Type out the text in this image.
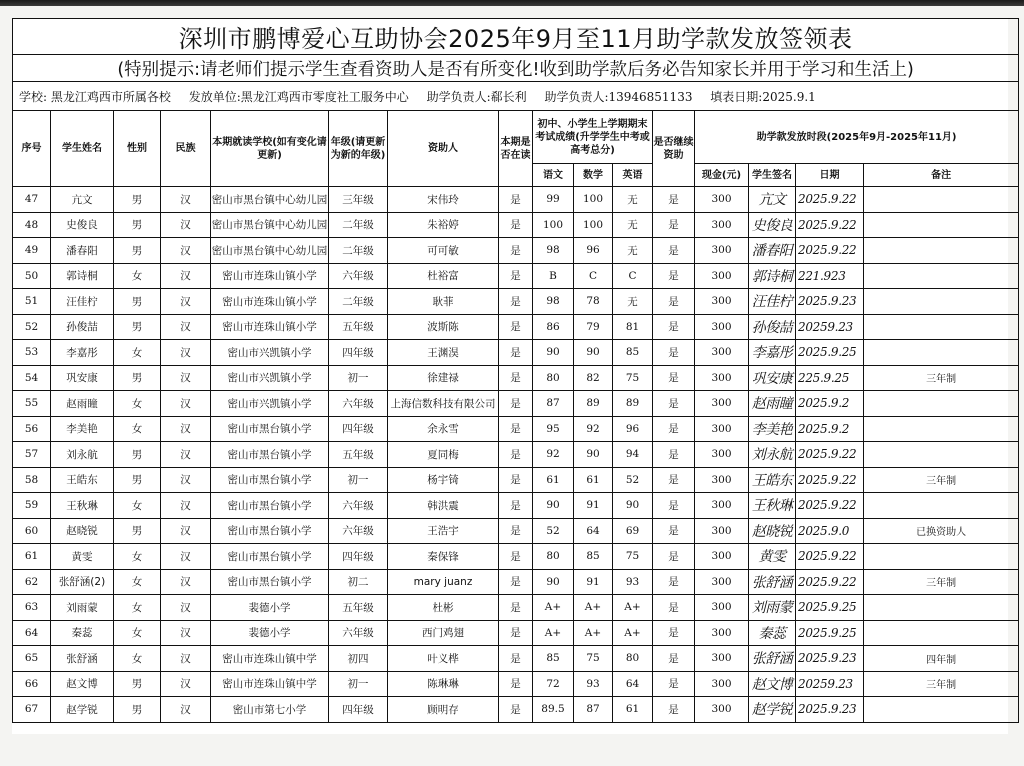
深圳市鹏博爱心互助协会2025年9月至11月助学款发放签领表															
(特别提示:请老师们提示学生查看资助人是否有所变化!收到助学款后务必告知家长并用于学习和生活上)															
学校: 黑龙江鸡西市所属各校 发放单位:黑龙江鸡西市零度社工服务中心 助学负责人:郗长利 助学负责人:13946851133 填表日期:2025.9.1															
序号	学生姓名	性别	民族	本期就读学校(如有变化请更新)	年级(请更新为新的年级)	资助人	本期是否在读	初中、小学生上学期期末考试成绩(升学学生中考或高考总分)			是否继续资助	助学款发放时段(2025年9月-2025年11月)			
								语文	数学	英语		现金(元)	学生签名	日期	备注
47	亢文	男	汉	密山市黑台镇中心幼儿园	三年级	宋伟玲	是	99	100	无	是	300	亢文	2025.9.22	
48	史俊良	男	汉	密山市黑台镇中心幼儿园	二年级	朱裕婷	是	100	100	无	是	300	史俊良	2025.9.22	
49	潘春阳	男	汉	密山市黑台镇中心幼儿园	二年级	可可敏	是	98	96	无	是	300	潘春阳	2025.9.22	
50	郭诗桐	女	汉	密山市连珠山镇小学	六年级	杜裕富	是	B	C	C	是	300	郭诗桐	221.923	
51	汪佳柠	男	汉	密山市连珠山镇小学	二年级	耿菲	是	98	78	无	是	300	汪佳柠	2025.9.23	
52	孙俊喆	男	汉	密山市连珠山镇小学	五年级	波斯陈	是	86	79	81	是	300	孙俊喆	20259.23	
53	李嘉彤	女	汉	密山市兴凯镇小学	四年级	王渊淏	是	90	90	85	是	300	李嘉彤	2025.9.25	
54	巩安康	男	汉	密山市兴凯镇小学	初一	徐建禄	是	80	82	75	是	300	巩安康	225.9.25	三年制
55	赵雨瞳	女	汉	密山市兴凯镇小学	六年级	上海信数科技有限公司	是	87	89	89	是	300	赵雨瞳	2025.9.2	
56	李美艳	女	汉	密山市黑台镇小学	四年级	余永雪	是	95	92	96	是	300	李美艳	2025.9.2	
57	刘永航	男	汉	密山市黑台镇小学	五年级	夏同梅	是	92	90	94	是	300	刘永航	2025.9.22	
58	王皓东	男	汉	密山市黑台镇小学	初一	杨宇锜	是	61	61	52	是	300	王皓东	2025.9.22	三年制
59	王秋琳	女	汉	密山市黑台镇小学	六年级	韩洪震	是	90	91	90	是	300	王秋琳	2025.9.22	
60	赵晓锐	男	汉	密山市黑台镇小学	六年级	王浩宇	是	52	64	69	是	300	赵晓锐	2025.9.0	已换资助人
61	黄雯	女	汉	密山市黑台镇小学	四年级	秦保锋	是	80	85	75	是	300	黄雯	2025.9.22	
62	张舒涵(2)	女	汉	密山市黑台镇小学	初二	mary juanz	是	90	91	93	是	300	张舒涵	2025.9.22	三年制
63	刘雨蒙	女	汉	裴德小学	五年级	杜彬	是	A+	A+	A+	是	300	刘雨蒙	2025.9.25	
64	秦蕊	女	汉	裴德小学	六年级	西门鸡翅	是	A+	A+	A+	是	300	秦蕊	2025.9.25	
65	张舒涵	女	汉	密山市连珠山镇中学	初四	叶义桦	是	85	75	80	是	300	张舒涵	2025.9.23	四年制
66	赵文博	男	汉	密山市连珠山镇中学	初一	陈琳琳	是	72	93	64	是	300	赵文博	20259.23	三年制
67	赵学锐	男	汉	密山市第七小学	四年级	顾明存	是	89.5	87	61	是	300	赵学锐	2025.9.23	
